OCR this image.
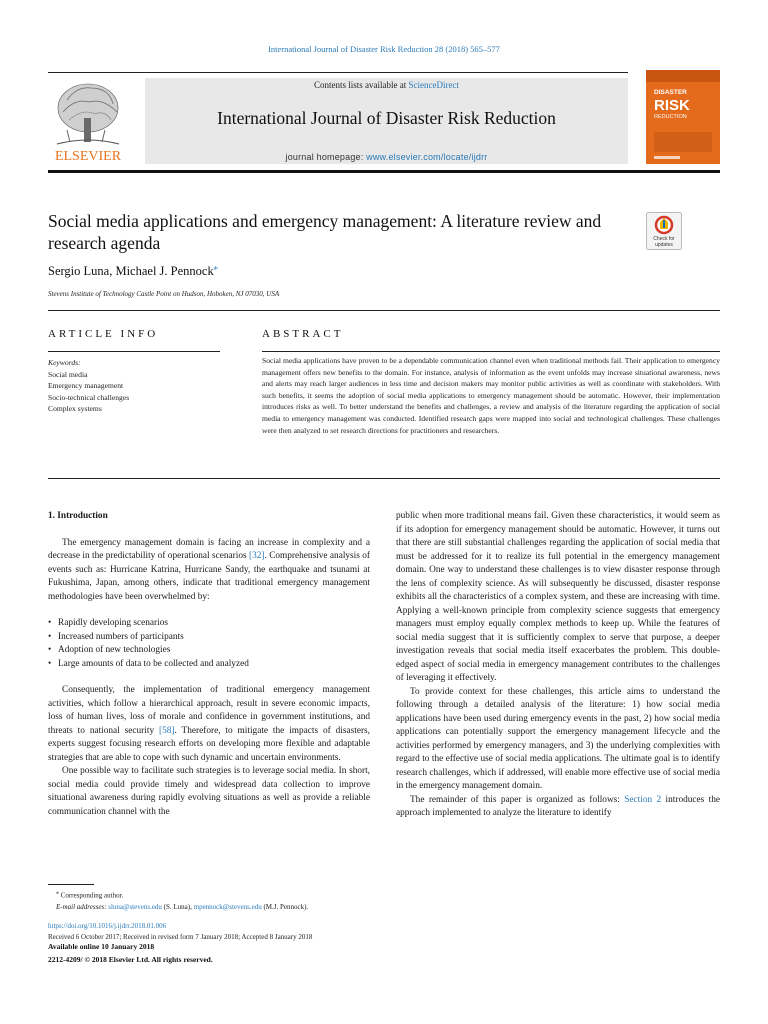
International Journal of Disaster Risk Reduction 28 (2018) 565–577
ELSEVIER
Contents lists available at ScienceDirect
International Journal of Disaster Risk Reduction
journal homepage: www.elsevier.com/locate/ijdrr
DISASTER
RISK
REDUCTION
Social media applications and emergency management: A literature review and research agenda	Check for
updates
Sergio Luna, Michael J. Pennock⁎
Stevens Institute of Technology Castle Point on Hudson, Hoboken, NJ 07030, USA
ARTICLE INFO	ABSTRACT
Keywords:
Social media
Emergency management
Socio-technical challenges
Complex systems
Social media applications have proven to be a dependable communication channel even when traditional methods fail. Their application to emergency management offers new benefits to the domain. For instance, analysis of information as the event unfolds may increase situational awareness, news and alerts may reach larger audiences in less time and decision makers may monitor public activities as well as coordinate with stakeholders. With such benefits, it seems the adoption of social media applications to emergency management should be automatic. However, their implementation introduces risks as well. To better understand the benefits and challenges, a review and analysis of the literature regarding the application of social media to emergency management was conducted. Identified research gaps were mapped into social and technological challenges. These challenges were then analyzed to set research directions for practitioners and researchers.
1. Introduction

The emergency management domain is facing an increase in complexity and a decrease in the predictability of operational scenarios [32]. Comprehensive analysis of events such as: Hurricane Katrina, Hurricane Sandy, the earthquake and tsunami at Fukushima, Japan, among others, indicate that traditional emergency management methodologies have been overwhelmed by:

• Rapidly developing scenarios
• Increased numbers of participants
• Adoption of new technologies
• Large amounts of data to be collected and analyzed

Consequently, the implementation of traditional emergency management activities, which follow a hierarchical approach, result in severe economic impacts, loss of human lives, loss of morale and confidence in government institutions, and threats to national security [58]. Therefore, to mitigate the impacts of disasters, experts suggest focusing research efforts on developing more flexible and adaptable strategies that are able to cope with such dynamic and uncertain environments.

One possible way to facilitate such strategies is to leverage social media. In short, social media could provide timely and widespread data collection to improve situational awareness during rapidly evolving situations as well as provide a reliable communication channel with the

public when more traditional means fail. Given these characteristics, it would seem as if its adoption for emergency management should be automatic. However, it turns out that there are still substantial challenges regarding the application of social media that must be addressed for it to realize its full potential in the emergency management domain. One way to understand these challenges is to view disaster response through the lens of complexity science. As will subsequently be discussed, disaster response exhibits all the characteristics of a complex system, and these are increasing with time. Applying a well-known principle from complexity science suggests that emergency managers must employ equally complex methods to keep up. While the features of social media suggest that it is sufficiently complex to serve that purpose, a deeper investigation reveals that social media itself exacerbates the problem. This double-edged aspect of social media in emergency management contributes to the challenges of leveraging it effectively.

To provide context for these challenges, this article aims to understand the following through a detailed analysis of the literature: 1) how social media applications have been used during emergency events in the past, 2) how social media applications can potentially support the emergency management lifecycle and the activities performed by emergency managers, and 3) the underlying complexities with regard to the effective use of social media applications. The ultimate goal is to identify research challenges, which if addressed, will enable more effective use of social media in the emergency management domain.

The remainder of this paper is organized as follows: Section 2 introduces the approach implemented to analyze the literature to identify

⁎ Corresponding author.
E-mail addresses: sluna@stevens.edu (S. Luna), mpennock@stevens.edu (M.J. Pennock).
https://doi.org/10.1016/j.ijdrr.2018.01.006
Received 6 October 2017; Received in revised form 7 January 2018; Accepted 8 January 2018
Available online 10 January 2018
2212-4209/ © 2018 Elsevier Ltd. All rights reserved.
